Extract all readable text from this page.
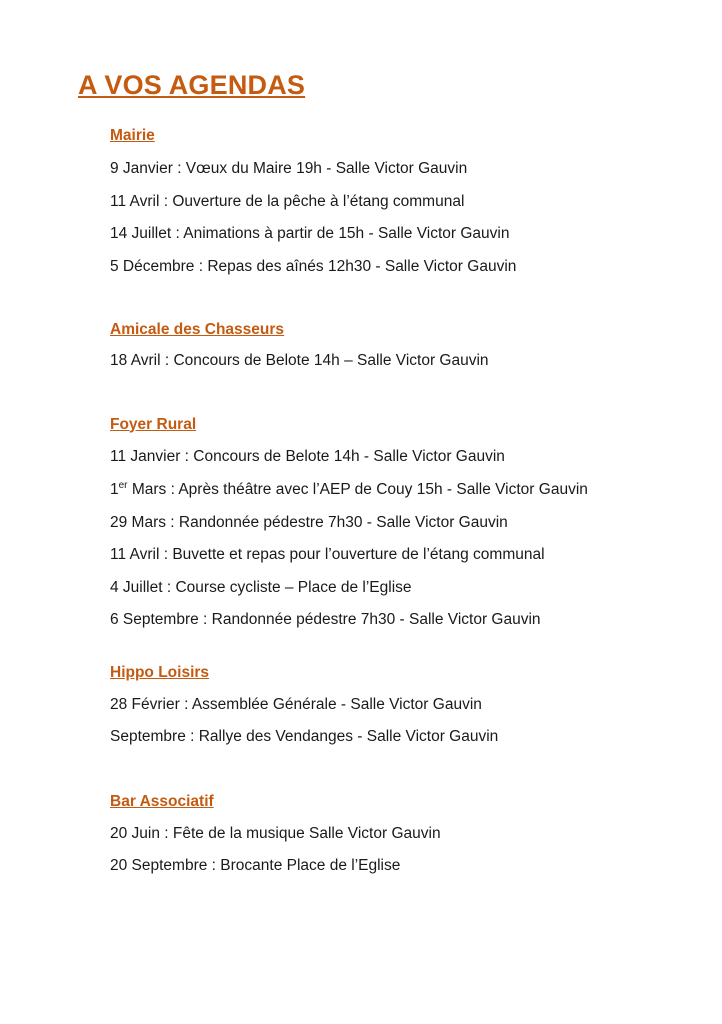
A VOS AGENDAS
Mairie
9 Janvier : Vœux du Maire 19h - Salle Victor Gauvin
11 Avril : Ouverture de la pêche à l’étang communal
14 Juillet : Animations à partir de 15h - Salle Victor Gauvin
5 Décembre : Repas des aînés 12h30 - Salle Victor Gauvin
Amicale des Chasseurs
18 Avril : Concours de Belote 14h – Salle Victor Gauvin
Foyer Rural
11 Janvier : Concours de Belote 14h - Salle Victor Gauvin
1er Mars : Après théâtre avec l’AEP de Couy 15h - Salle Victor Gauvin
29 Mars : Randonnée pédestre 7h30 - Salle Victor Gauvin
11 Avril : Buvette et repas pour l’ouverture de l’étang communal
4 Juillet : Course cycliste – Place de l’Eglise
6 Septembre : Randonnée pédestre 7h30 - Salle Victor Gauvin
Hippo Loisirs
28 Février : Assemblée Générale - Salle Victor Gauvin
Septembre : Rallye des Vendanges - Salle Victor Gauvin
Bar Associatif
20 Juin : Fête de la musique Salle Victor Gauvin
20 Septembre : Brocante Place de l’Eglise
